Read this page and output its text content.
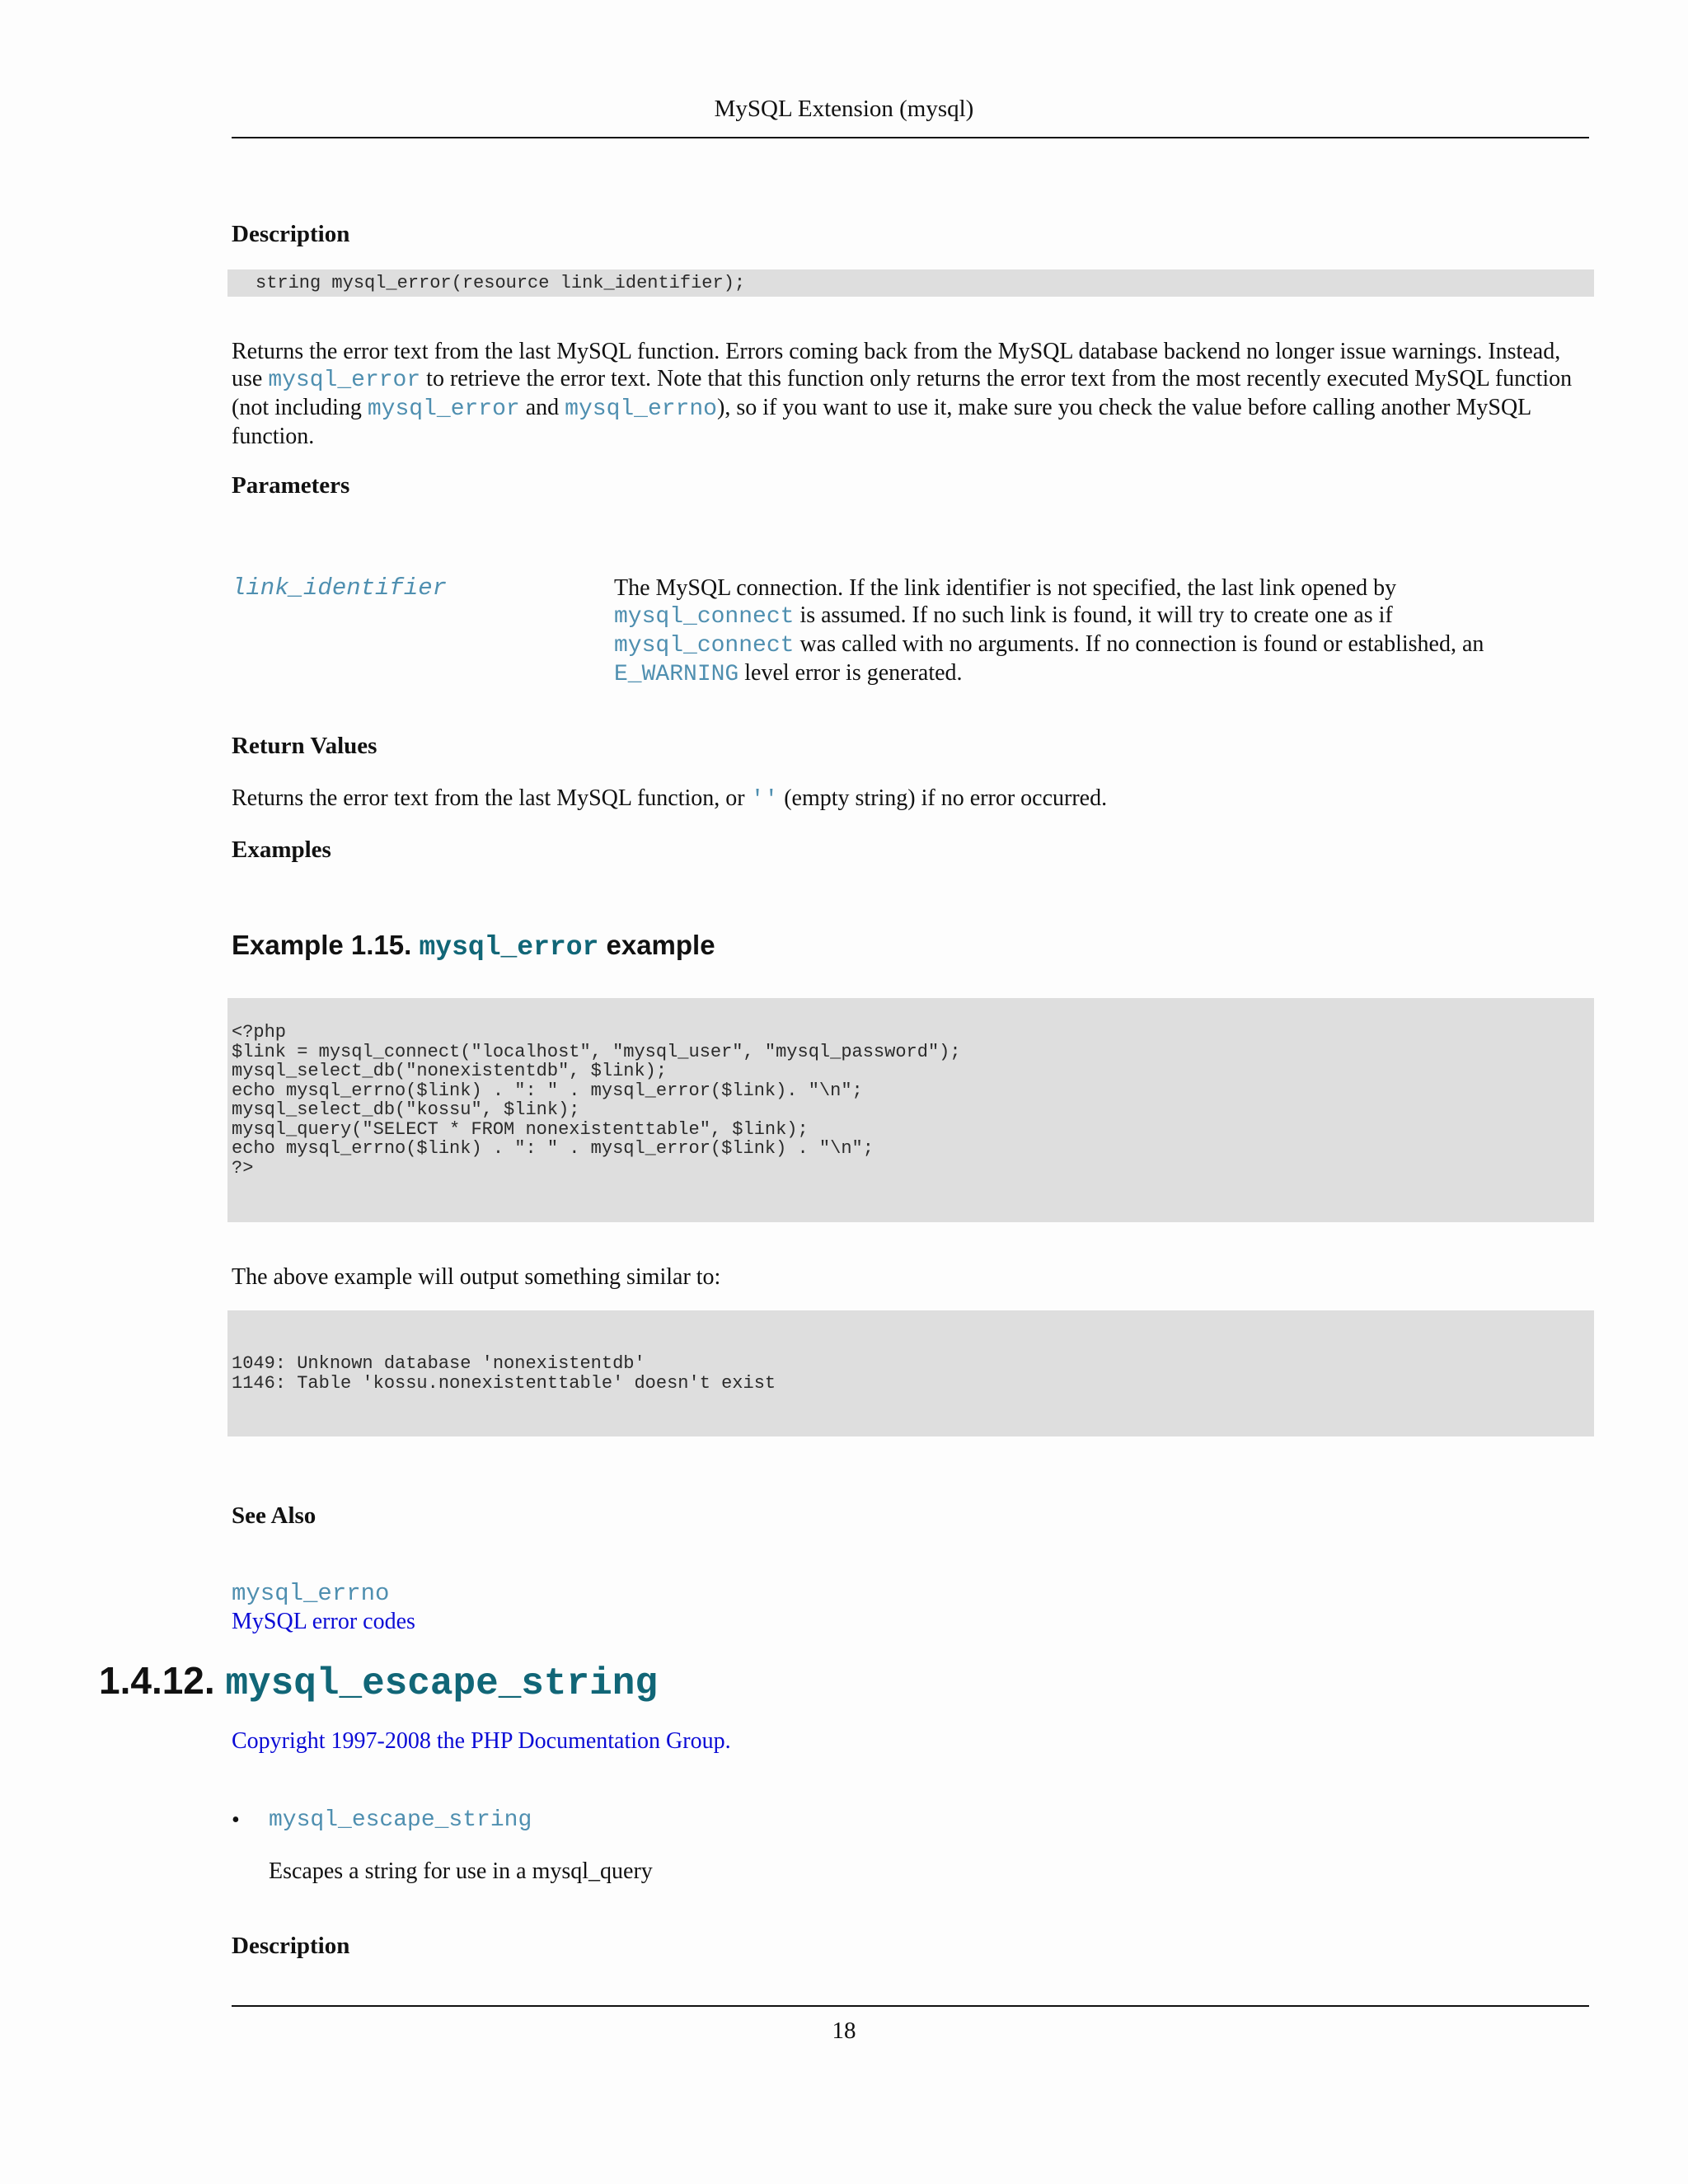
MySQL Extension (mysql)
Description
string mysql_error(resource link_identifier);
Returns the error text from the last MySQL function. Errors coming back from the MySQL database backend no longer issue warnings. Instead, use mysql_error to retrieve the error text. Note that this function only returns the error text from the most recently executed MySQL function (not including mysql_error and mysql_errno), so if you want to use it, make sure you check the value before calling another MySQL function.
Parameters
link_identifier	The MySQL connection. If the link identifier is not specified, the last link opened by mysql_connect is assumed. If no such link is found, it will try to create one as if mysql_connect was called with no arguments. If no connection is found or established, an E_WARNING level error is generated.
Return Values
Returns the error text from the last MySQL function, or '' (empty string) if no error occurred.
Examples
Example 1.15. mysql_error example
<?php
$link = mysql_connect("localhost", "mysql_user", "mysql_password");
mysql_select_db("nonexistentdb", $link);
echo mysql_errno($link) . ": " . mysql_error($link). "\n";
mysql_select_db("kossu", $link);
mysql_query("SELECT * FROM nonexistenttable", $link);
echo mysql_errno($link) . ": " . mysql_error($link) . "\n";
?>
The above example will output something similar to:
1049: Unknown database 'nonexistentdb'
1146: Table 'kossu.nonexistenttable' doesn't exist
See Also
mysql_errno
MySQL error codes
1.4.12. mysql_escape_string
Copyright 1997-2008 the PHP Documentation Group.
• mysql_escape_string
Escapes a string for use in a mysql_query
Description
18
